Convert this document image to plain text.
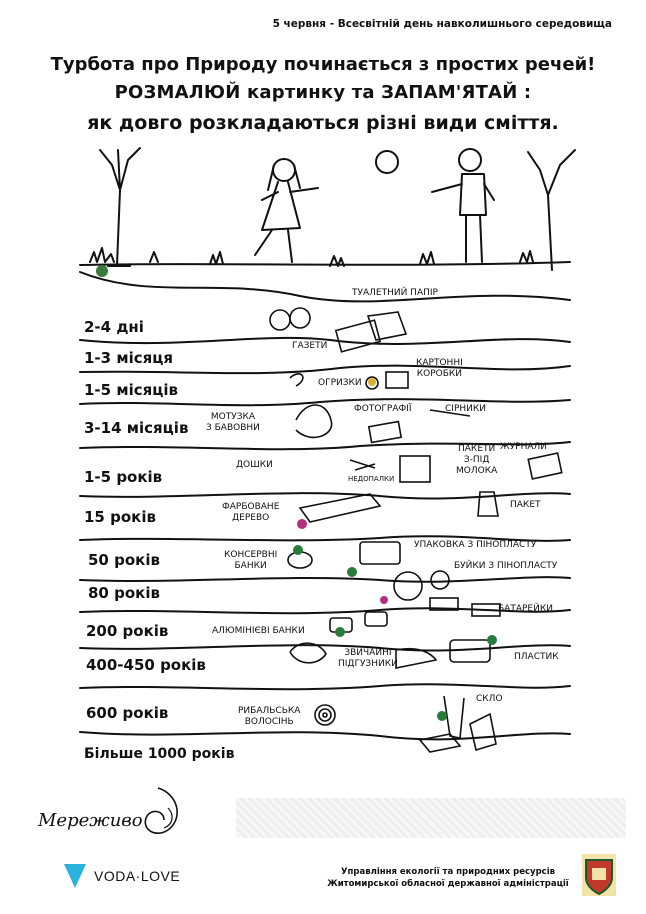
5 червня - Всесвітній день навколишнього середовища
Турбота про Природу починається з простих речей!
РОЗМАЛЮЙ картинку та ЗАПАМ'ЯТАЙ :
як довго розкладаються різні види сміття.
2-4 дні
1-3 місяця
1-5 місяців
3-14 місяців
1-5 років
15 років
50 років
80 років
200 років
400-450 років
600 років
Більше 1000 років
ТУАЛЕТНИЙ ПАПІР
ГАЗЕТИ
КАРТОННІ
КОРОБКИ
ОГРИЗКИ
МОТУЗКА
З БАВОВНИ
ФОТОГРАФІЇ	СІРНИКИ
ДОШКИ
НЕДОПАЛКИ
ПАКЕТИ
З-ПІД
МОЛОКА
ЖУРНАЛИ
ПАКЕТ
ФАРБОВАНЕ
ДЕРЕВО
УПАКОВКА З ПІНОПЛАСТУ
КОНСЕРВНІ
БАНКИ	БУЙКИ З ПІНОПЛАСТУ
БАТАРЕЙКИ
АЛЮМІНІЄВІ БАНКИ
ЗВИЧАЙНІ
ПІДГУЗНИКИ
ПЛАСТИК
РИБАЛЬСЬКА
ВОЛОСІНЬ
СКЛО
Мереживо
VODA·LOVE	Управління екології та природних ресурсів
Житомирської обласної державної адміністрації
